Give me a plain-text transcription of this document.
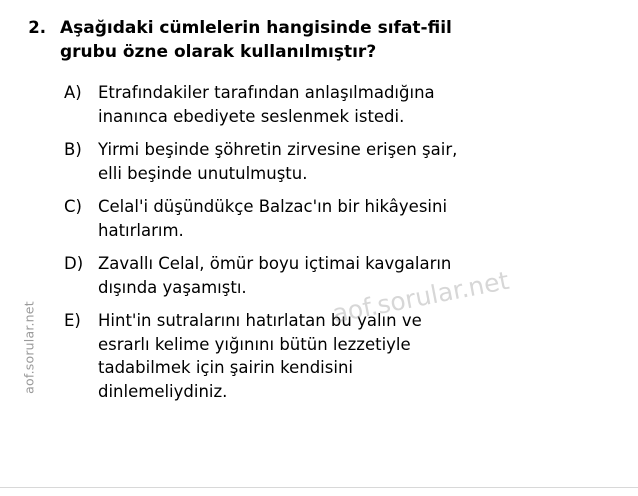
aof.sorular.net
2. Aşağıdaki cümlelerin hangisinde sıfat-fiil
grubu özne olarak kullanılmıştır?
A) Etrafındakiler tarafından anlaşılmadığına
inanınca ebediyete seslenmek istedi.
B) Yirmi beşinde şöhretin zirvesine erişen şair,
elli beşinde unutulmuştu.
C) Celal'i düşündükçe Balzac'ın bir hikâyesini
hatırlarım.
D) Zavallı Celal, ömür boyu içtimai kavgaların
dışında yaşamıştı.
E)	Hint'in sutralarını hatırlatan bu yalın ve
esrarlı kelime yığınını bütün lezzetiyle
tadabilmek için şairin kendisini
dinlemeliydiniz.
aof.sorular.net
